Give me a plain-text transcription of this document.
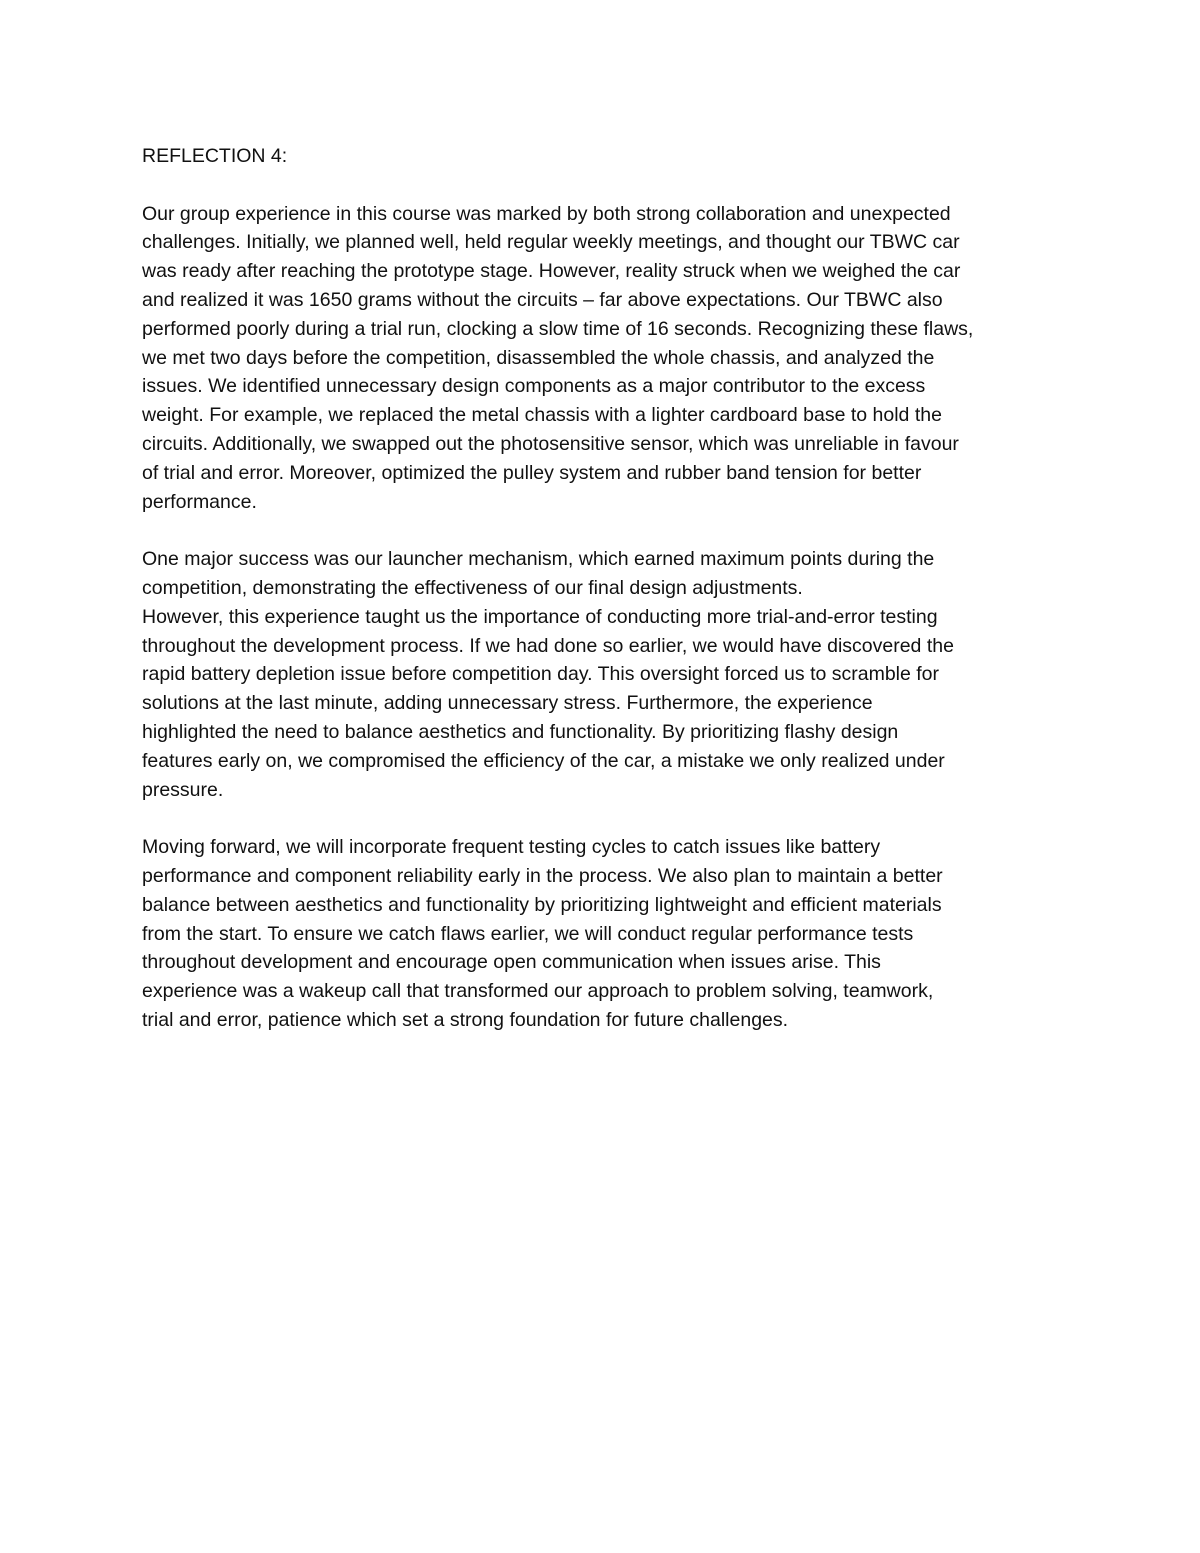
REFLECTION 4:
Our group experience in this course was marked by both strong collaboration and unexpected
challenges. Initially, we planned well, held regular weekly meetings, and thought our TBWC car
was ready after reaching the prototype stage. However, reality struck when we weighed the car
and realized it was 1650 grams without the circuits – far above expectations. Our TBWC also
performed poorly during a trial run, clocking a slow time of 16 seconds. Recognizing these flaws,
we met two days before the competition, disassembled the whole chassis, and analyzed the
issues. We identified unnecessary design components as a major contributor to the excess
weight. For example, we replaced the metal chassis with a lighter cardboard base to hold the
circuits. Additionally, we swapped out the photosensitive sensor, which was unreliable in favour
of trial and error. Moreover, optimized the pulley system and rubber band tension for better
performance.
One major success was our launcher mechanism, which earned maximum points during the
competition, demonstrating the effectiveness of our final design adjustments.
However, this experience taught us the importance of conducting more trial-and-error testing
throughout the development process. If we had done so earlier, we would have discovered the
rapid battery depletion issue before competition day. This oversight forced us to scramble for
solutions at the last minute, adding unnecessary stress. Furthermore, the experience
highlighted the need to balance aesthetics and functionality. By prioritizing flashy design
features early on, we compromised the efficiency of the car, a mistake we only realized under
pressure.
Moving forward, we will incorporate frequent testing cycles to catch issues like battery
performance and component reliability early in the process. We also plan to maintain a better
balance between aesthetics and functionality by prioritizing lightweight and efficient materials
from the start. To ensure we catch flaws earlier, we will conduct regular performance tests
throughout development and encourage open communication when issues arise. This
experience was a wakeup call that transformed our approach to problem solving, teamwork,
trial and error, patience which set a strong foundation for future challenges.
